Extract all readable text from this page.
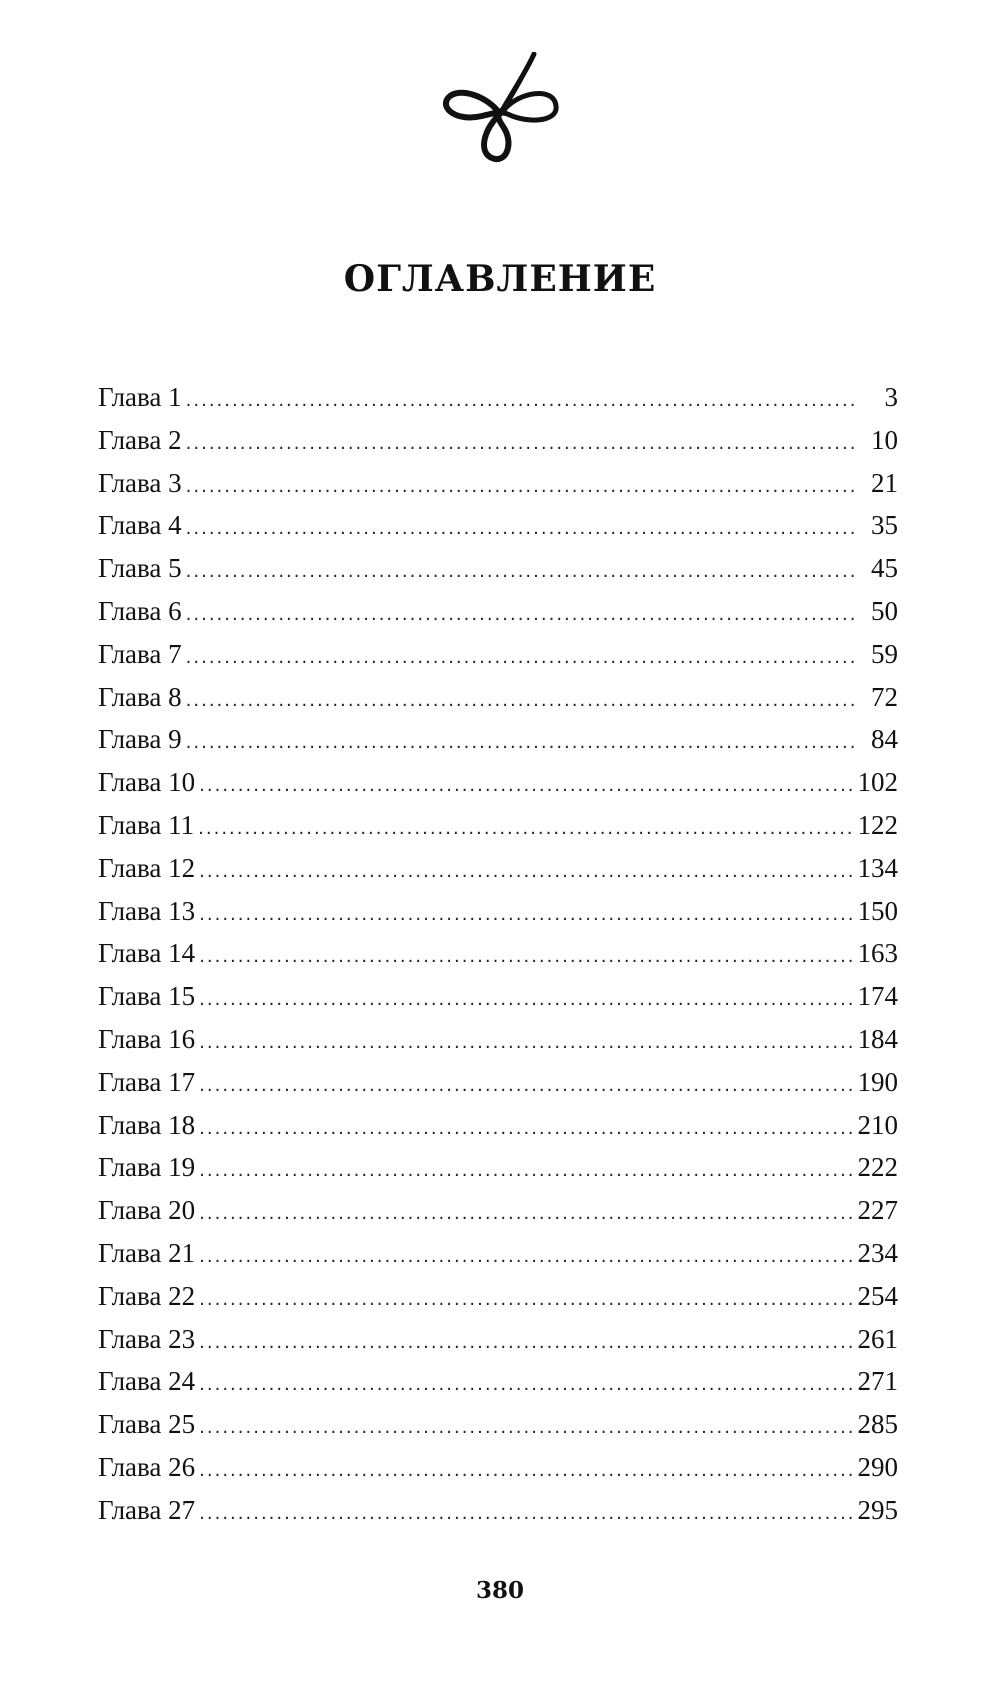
ОГЛАВЛЕНИЕ
Глава 1 .....	3
Глава 2 .....	10
Глава 3 .....	21
Глава 4 .....	35
Глава 5 .....	45
Глава 6 .....	50
Глава 7 .....	59
Глава 8 .....	72
Глава 9 .....	84
Глава 10 .....	102
Глава 11 .....	122
Глава 12 .....	134
Глава 13 .....	150
Глава 14 .....	163
Глава 15 .....	174
Глава 16 .....	184
Глава 17 .....	190
Глава 18 .....	210
Глава 19 .....	222
Глава 20 .....	227
Глава 21 .....	234
Глава 22 .....	254
Глава 23 .....	261
Глава 24 .....	271
Глава 25 .....	285
Глава 26 .....	290
Глава 27 .....	295

380
